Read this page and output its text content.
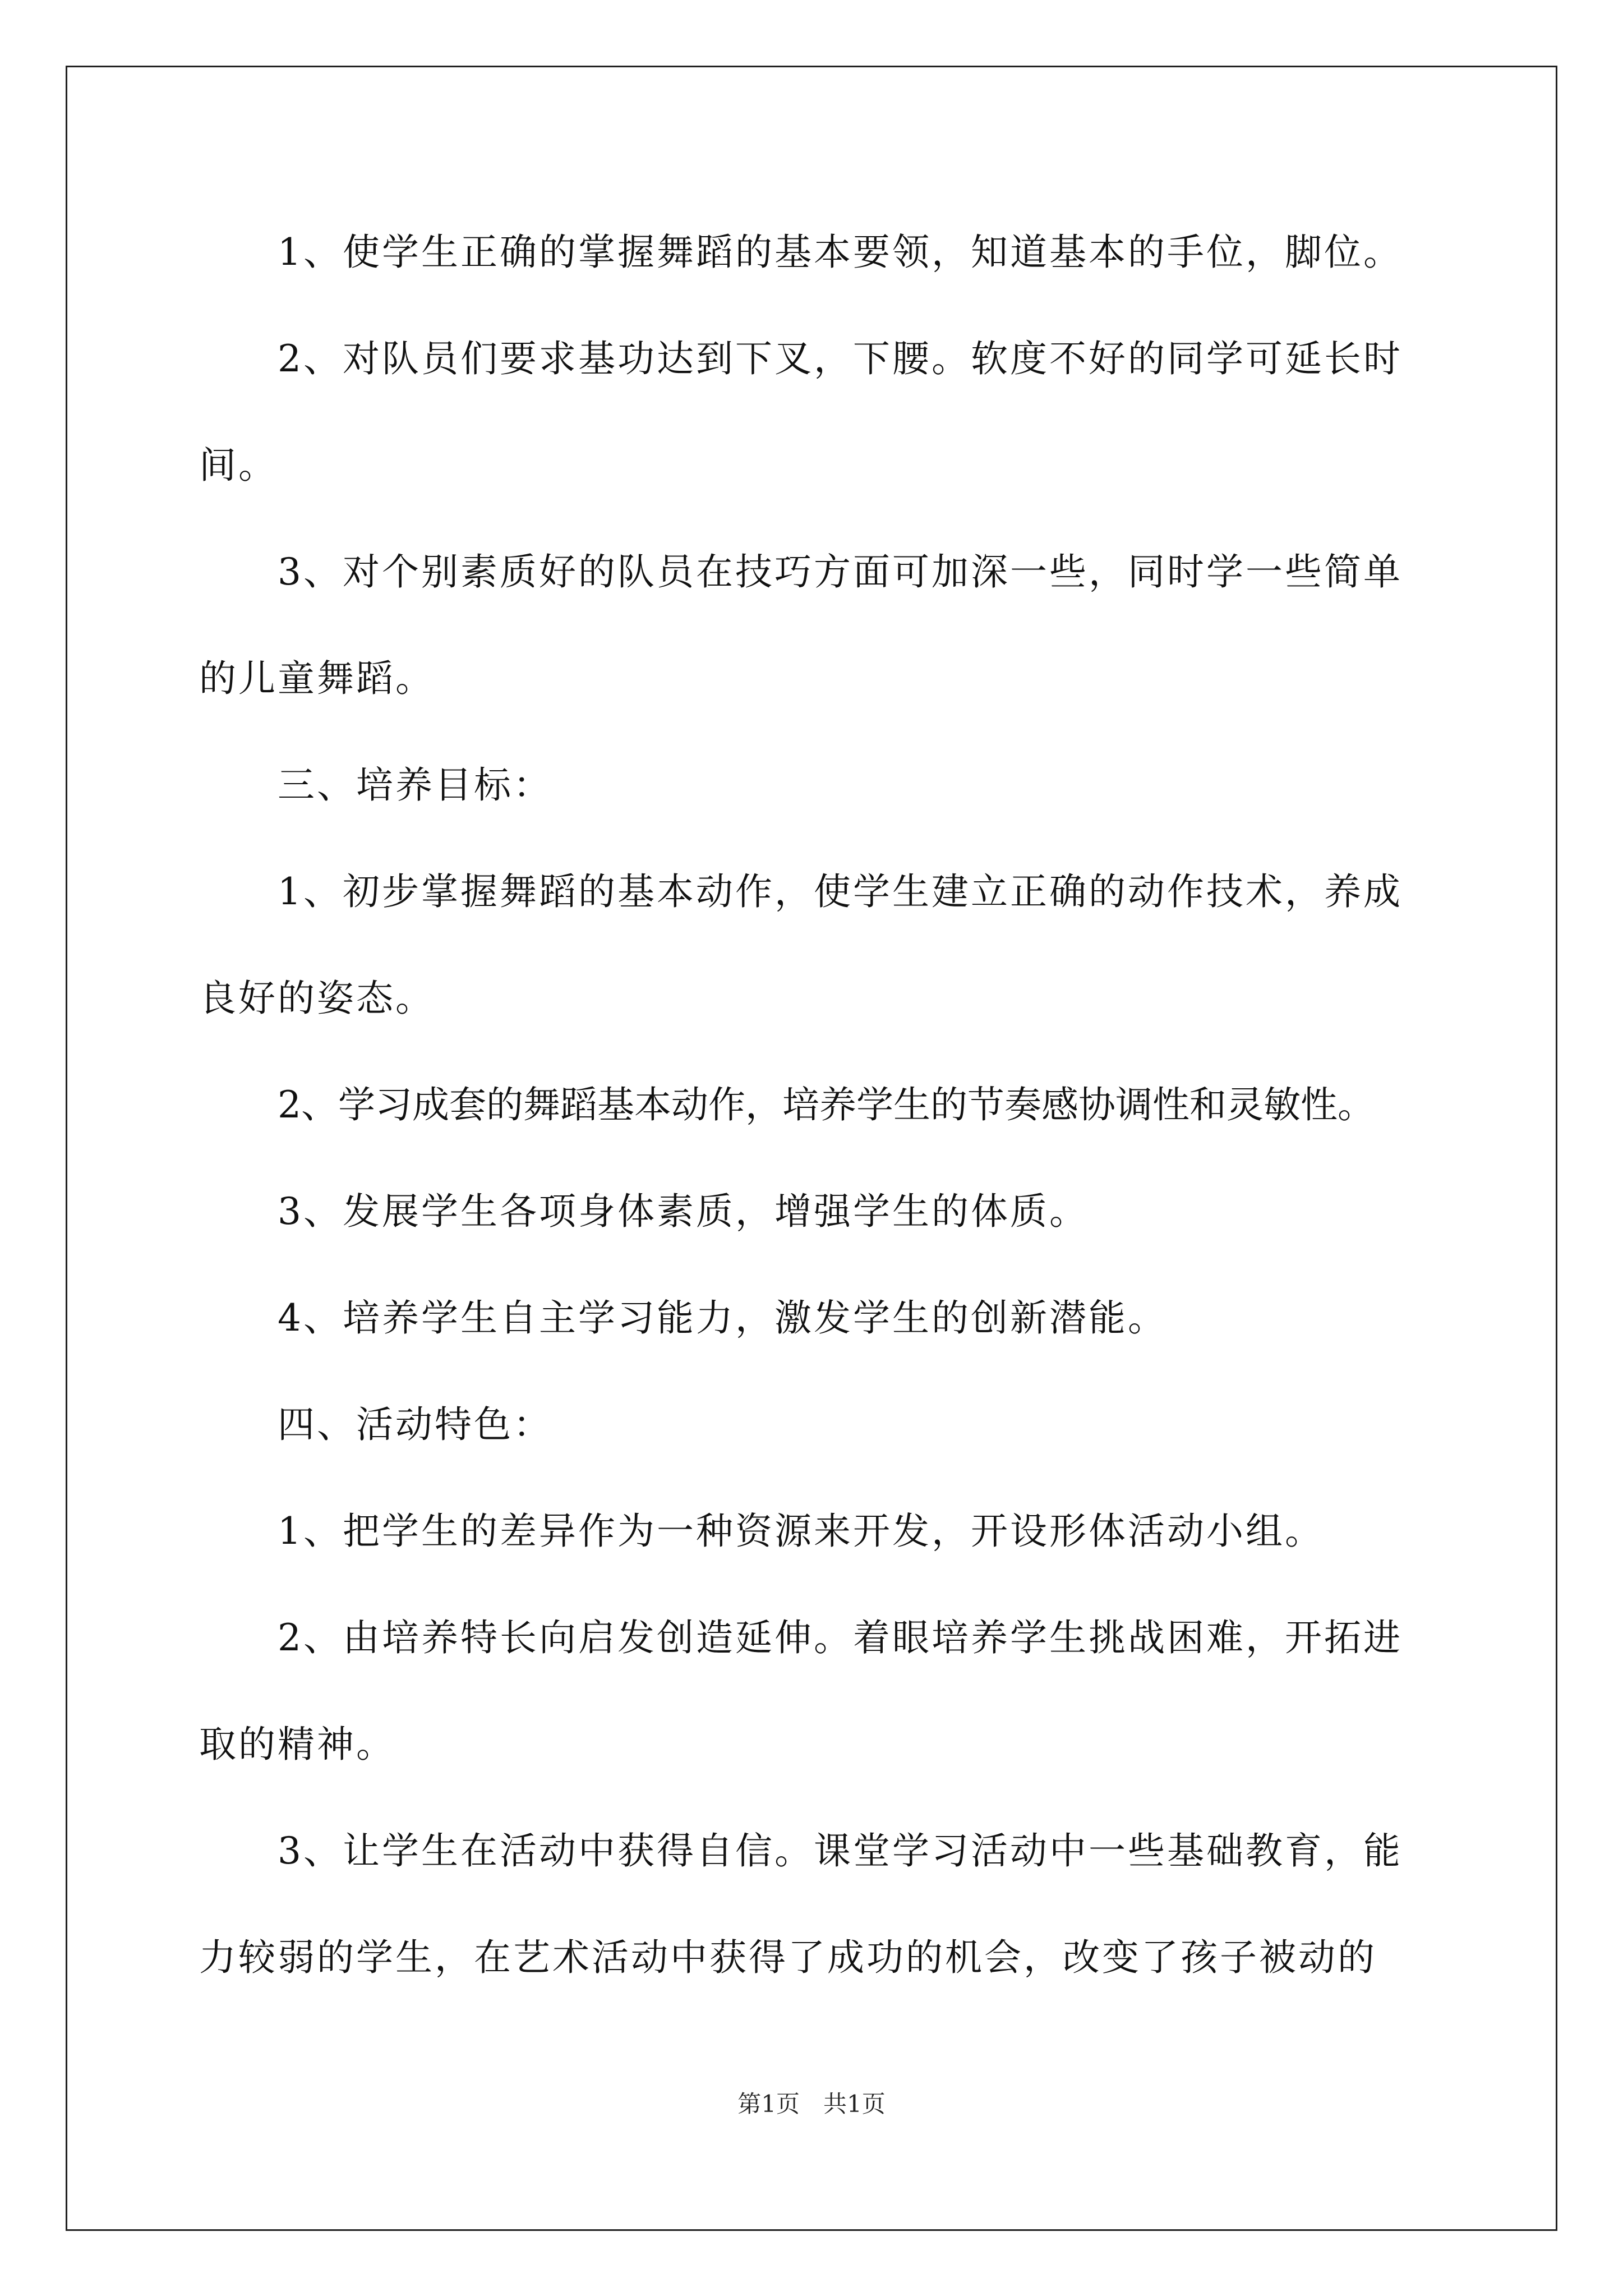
1、使学生正确的掌握舞蹈的基本要领，知道基本的手位，脚位。
2、对队员们要求基功达到下叉，下腰。软度不好的同学可延长时
间。
3、对个别素质好的队员在技巧方面可加深一些，同时学一些简单
的儿童舞蹈。
三、培养目标：
1、初步掌握舞蹈的基本动作，使学生建立正确的动作技术，养成
良好的姿态。
2、学习成套的舞蹈基本动作，培养学生的节奏感协调性和灵敏性。
3、发展学生各项身体素质，增强学生的体质。
4、培养学生自主学习能力，激发学生的创新潜能。
四、活动特色：
1、把学生的差异作为一种资源来开发，开设形体活动小组。
2、由培养特长向启发创造延伸。着眼培养学生挑战困难，开拓进
取的精神。
3、让学生在活动中获得自信。课堂学习活动中一些基础教育，能
力较弱的学生，在艺术活动中获得了成功的机会，改变了孩子被动的
第1页　共1页
